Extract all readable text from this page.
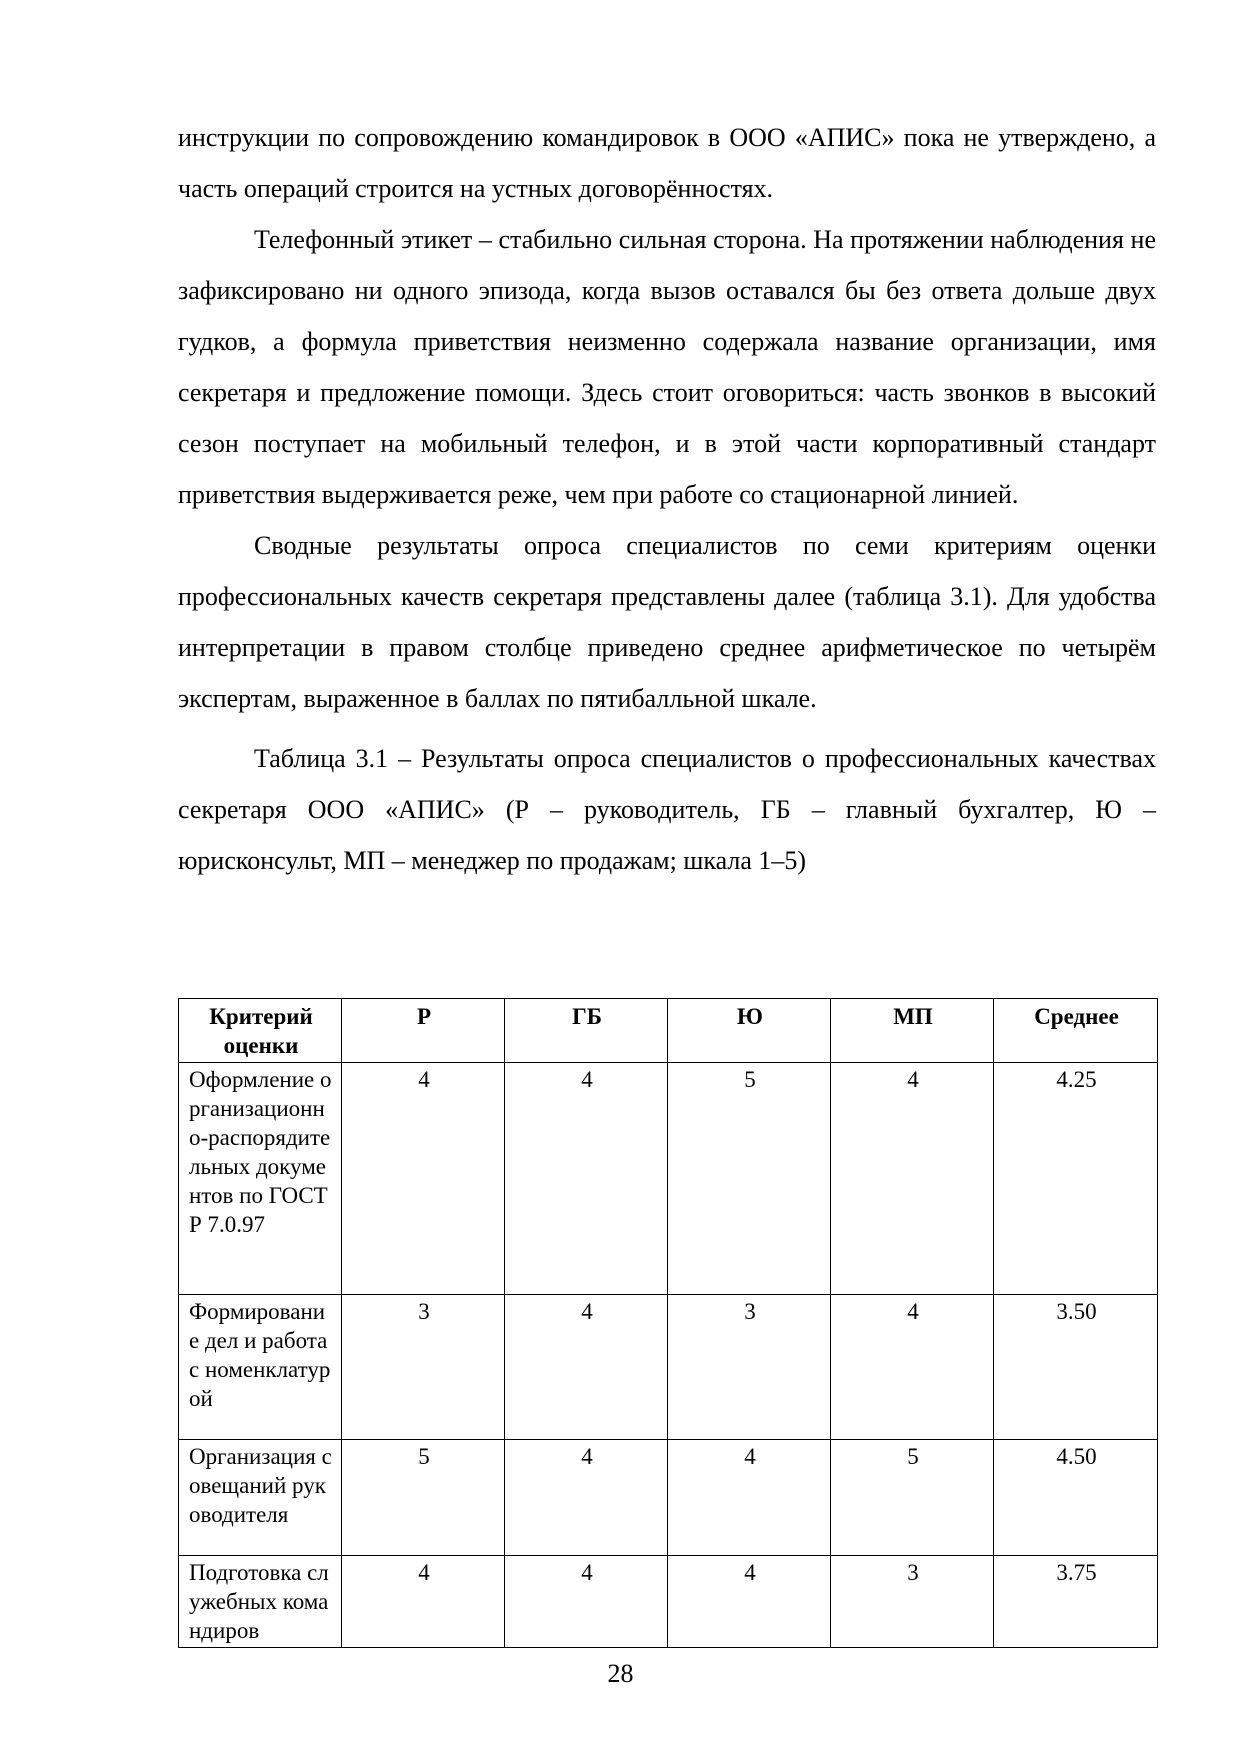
инструкции по сопровождению командировок в ООО «АПИС» пока не утверждено, а часть операций строится на устных договорённостях.

Телефонный этикет – стабильно сильная сторона. На протяжении наблюдения не зафиксировано ни одного эпизода, когда вызов оставался бы без ответа дольше двух гудков, а формула приветствия неизменно содержала название организации, имя секретаря и предложение помощи. Здесь стоит оговориться: часть звонков в высокий сезон поступает на мобильный телефон, и в этой части корпоративный стандарт приветствия выдерживается реже, чем при работе со стационарной линией.

Сводные результаты опроса специалистов по семи критериям оценки профессиональных качеств секретаря представлены далее (таблица 3.1). Для удобства интерпретации в правом столбце приведено среднее арифметическое по четырём экспертам, выраженное в баллах по пятибалльной шкале.

Таблица 3.1 – Результаты опроса специалистов о профессиональных качествах секретаря ООО «АПИС» (Р – руководитель, ГБ – главный бухгалтер, Ю – юрисконсульт, МП – менеджер по продажам; шкала 1–5)

Критерий оценки	Р	ГБ	Ю	МП	Среднее
Оформление организационно-распорядительных документов по ГОСТ Р 7.0.97	4	4	5	4	4.25
Формирование дел и работа с номенклатурой	3	4	3	4	3.50
Организация совещаний руководителя	5	4	4	5	4.50
Подготовка служебных командиров	4	4	4	3	3.75
28
